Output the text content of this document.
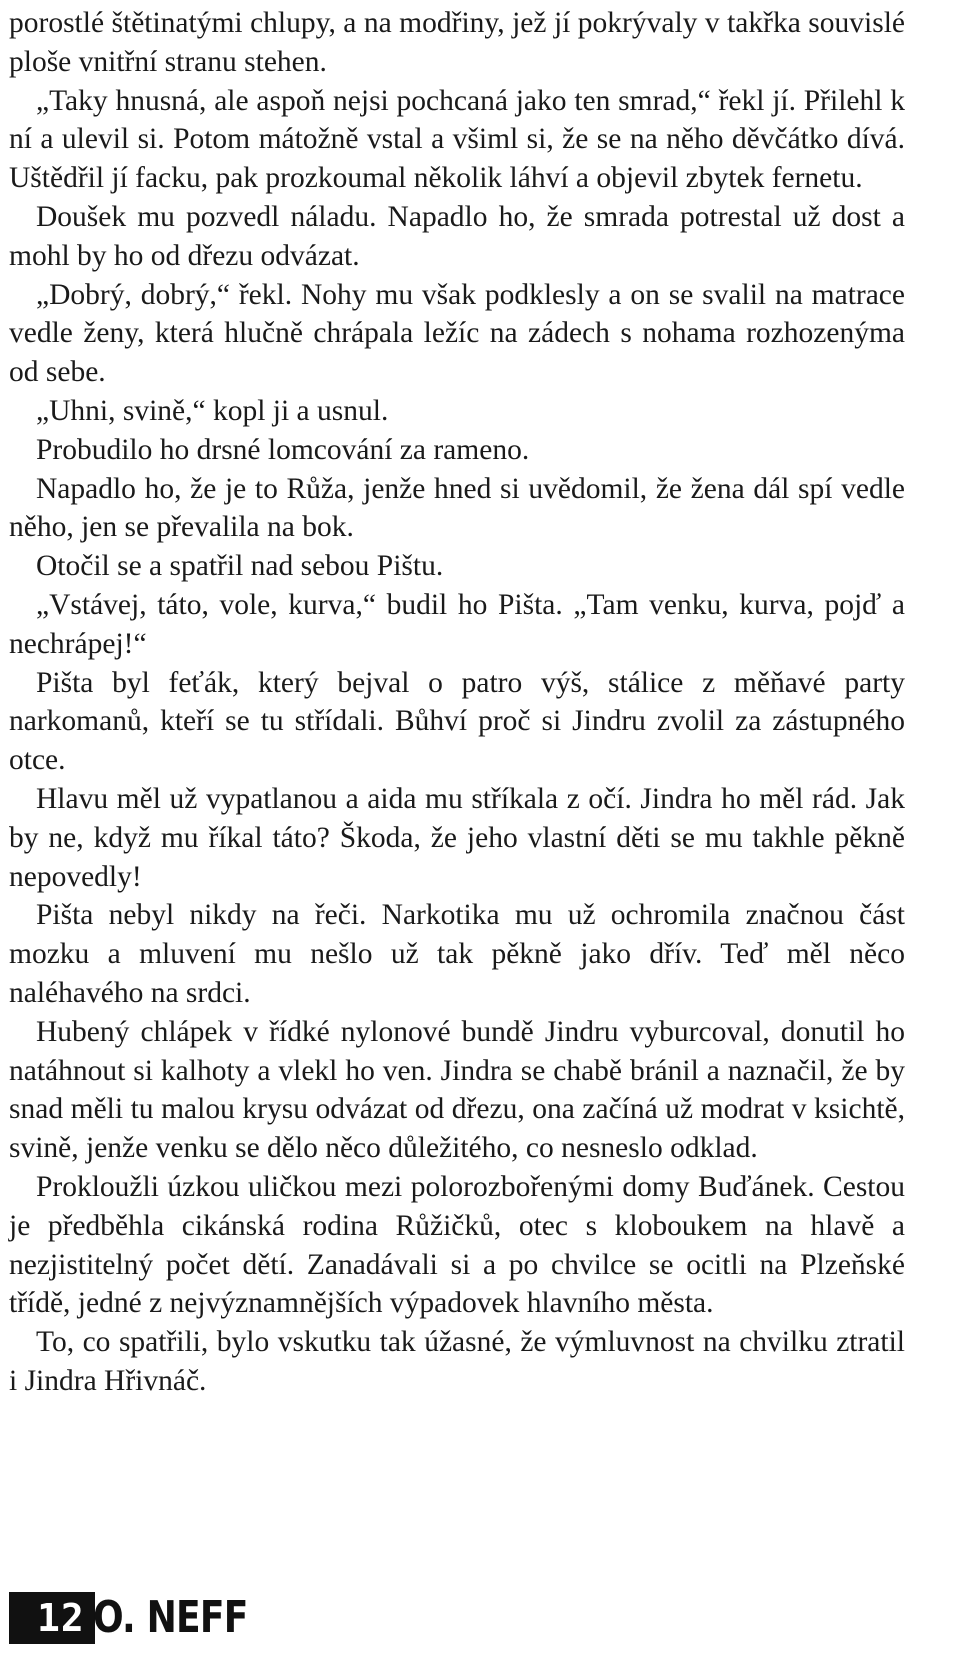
porostlé štětinatými chlupy, a na modřiny, jež jí pokrývaly v takřka souvislé ploše vnitřní stranu stehen.

„Taky hnusná, ale aspoň nejsi pochcaná jako ten smrad,“ řekl jí. Přilehl k ní a ulevil si. Potom mátožně vstal a všiml si, že se na něho děvčátko dívá. Uštědřil jí facku, pak prozkoumal několik láhví a objevil zbytek fernetu.

Doušek mu pozvedl náladu. Napadlo ho, že smrada potrestal už dost a mohl by ho od dřezu odvázat.

„Dobrý, dobrý,“ řekl. Nohy mu však podklesly a on se svalil na matrace vedle ženy, která hlučně chrápala ležíc na zádech s nohama rozhozenýma od sebe.

„Uhni, svině,“ kopl ji a usnul.

Probudilo ho drsné lomcování za rameno.

Napadlo ho, že je to Růža, jenže hned si uvědomil, že žena dál spí vedle něho, jen se převalila na bok.

Otočil se a spatřil nad sebou Pištu.

„Vstávej, táto, vole, kurva,“ budil ho Pišta. „Tam venku, kurva, pojď a nechrápej!“

Pišta byl feťák, který bejval o patro výš, stálice z měňavé party narkomanů, kteří se tu střídali. Bůhví proč si Jindru zvolil za zástupného otce.

Hlavu měl už vypatlanou a aida mu stříkala z očí. Jindra ho měl rád. Jak by ne, když mu říkal táto? Škoda, že jeho vlastní děti se mu takhle pěkně nepovedly!

Pišta nebyl nikdy na řeči. Narkotika mu už ochromila značnou část mozku a mluvení mu nešlo už tak pěkně jako dřív. Teď měl něco naléhavého na srdci.

Hubený chlápek v řídké nylonové bundě Jindru vyburcoval, donutil ho natáhnout si kalhoty a vlekl ho ven. Jindra se chabě bránil a naznačil, že by snad měli tu malou krysu odvázat od dřezu, ona začíná už modrat v ksichtě, svině, jenže venku se dělo něco důležitého, co nesneslo odklad.

Prokloužli úzkou uličkou mezi polorozbořenými domy Buďánek. Cestou je předběhla cikánská rodina Růžičků, otec s kloboukem na hlavě a nezjistitelný počet dětí. Zanadávali si a po chvilce se ocitli na Plzeňské třídě, jedné z nejvýznamnějších výpadovek hlavního města.

To, co spatřili, bylo vskutku tak úžasné, že výmluvnost na chvilku ztratil i Jindra Hřivnáč.

12 O. NEFF
